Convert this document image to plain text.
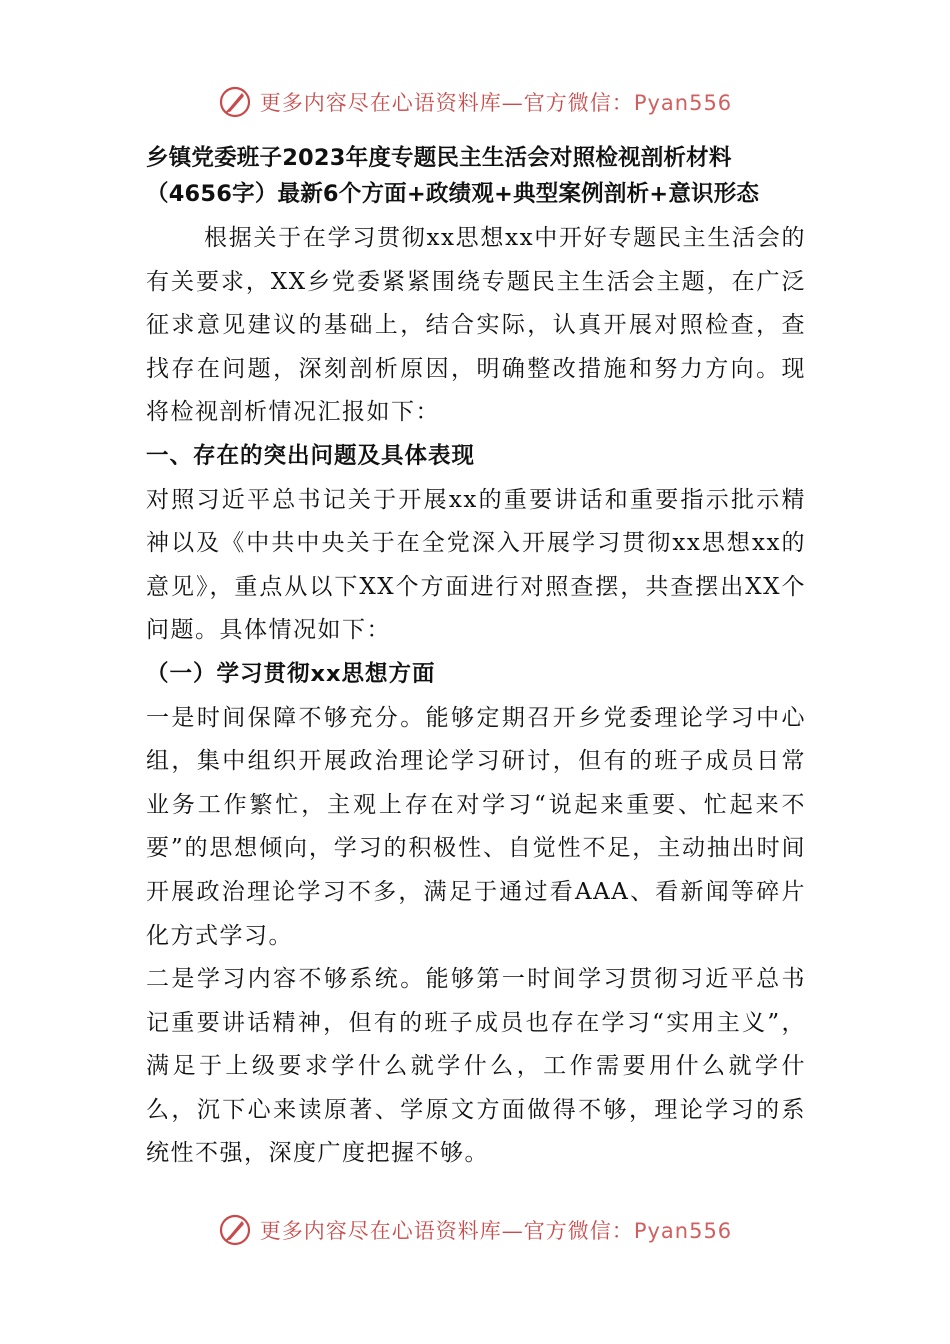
更多内容尽在心语资料库—官方微信：Pyan556

乡镇党委班子2023年度专题民主生活会对照检视剖析材料

（4656字）最新6个方面+政绩观+典型案例剖析+意识形态

根据关于在学习贯彻xx思想xx中开好专题民主生活会的有关要求，XX乡党委紧紧围绕专题民主生活会主题，在广泛征求意见建议的基础上，结合实际，认真开展对照检查，查找存在问题，深刻剖析原因，明确整改措施和努力方向。现将检视剖析情况汇报如下：

一、存在的突出问题及具体表现

对照习近平总书记关于开展xx的重要讲话和重要指示批示精神以及《中共中央关于在全党深入开展学习贯彻xx思想xx的意见》，重点从以下XX个方面进行对照查摆，共查摆出XX个问题。具体情况如下：

（一）学习贯彻xx思想方面

一是时间保障不够充分。能够定期召开乡党委理论学习中心组，集中组织开展政治理论学习研讨，但有的班子成员日常业务工作繁忙，主观上存在对学习“说起来重要、忙起来不要”的思想倾向，学习的积极性、自觉性不足，主动抽出时间开展政治理论学习不多，满足于通过看AAA、看新闻等碎片化方式学习。

二是学习内容不够系统。能够第一时间学习贯彻习近平总书记重要讲话精神，但有的班子成员也存在学习“实用主义”，满足于上级要求学什么就学什么，工作需要用什么就学什么，沉下心来读原著、学原文方面做得不够，理论学习的系统性不强，深度广度把握不够。

更多内容尽在心语资料库—官方微信：Pyan556
